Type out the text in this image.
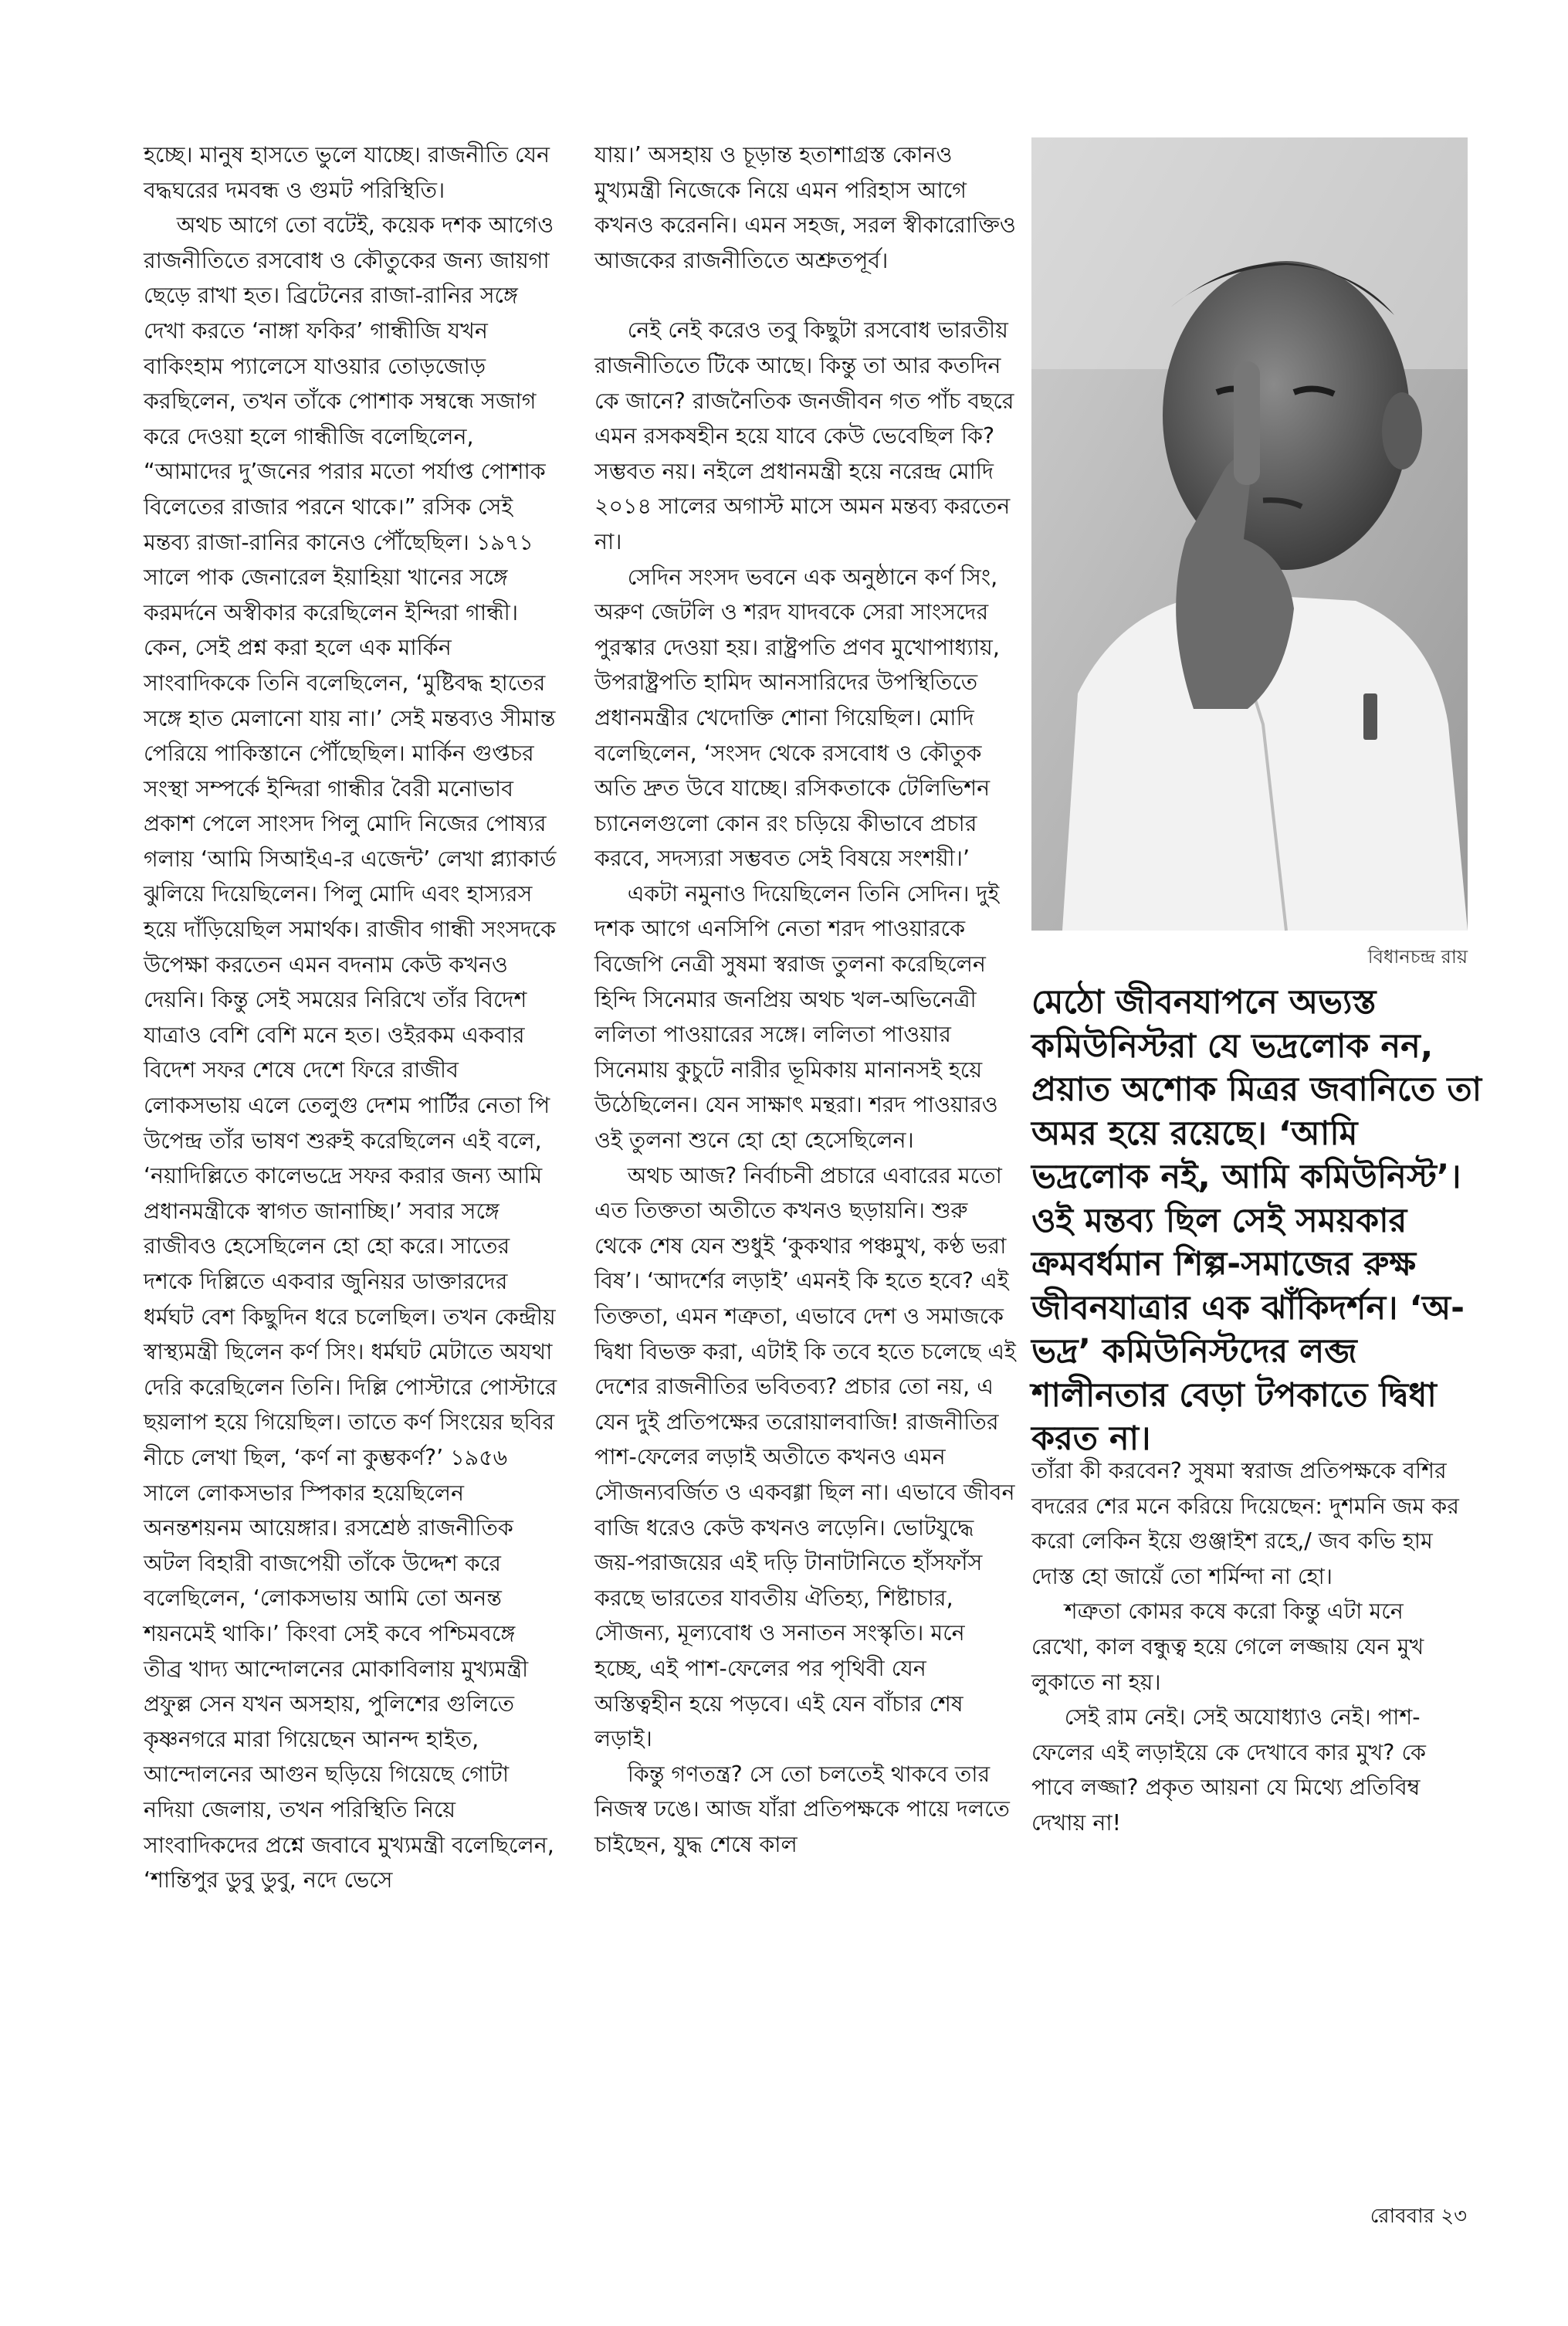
হচ্ছে। মানুষ হাসতে ভুলে যাচ্ছে। রাজনীতি যেন বদ্ধঘরের দমবন্ধ ও গুমট পরিস্থিতি।

অথচ আগে তো বটেই, কয়েক দশক আগেও রাজনীতিতে রসবোধ ও কৌতুকের জন্য জায়গা ছেড়ে রাখা হত। ব্রিটেনের রাজা-রানির সঙ্গে দেখা করতে ‘নাঙ্গা ফকির’ গান্ধীজি যখন বাকিংহাম প্যালেসে যাওয়ার তোড়জোড় করছিলেন, তখন তাঁকে পোশাক সম্বন্ধে সজাগ করে দেওয়া হলে গান্ধীজি বলেছিলেন, “আমাদের দু’জনের পরার মতো পর্যাপ্ত পোশাক বিলেতের রাজার পরনে থাকে।” রসিক সেই মন্তব্য রাজা-রানির কানেও পৌঁছেছিল। ১৯৭১ সালে পাক জেনারেল ইয়াহিয়া খানের সঙ্গে করমর্দনে অস্বীকার করেছিলেন ইন্দিরা গান্ধী। কেন, সেই প্রশ্ন করা হলে এক মার্কিন সাংবাদিককে তিনি বলেছিলেন, ‘মুষ্টিবদ্ধ হাতের সঙ্গে হাত মেলানো যায় না।’ সেই মন্তব্যও সীমান্ত পেরিয়ে পাকিস্তানে পৌঁছেছিল। মার্কিন গুপ্তচর সংস্থা সম্পর্কে ইন্দিরা গান্ধীর বৈরী মনোভাব প্রকাশ পেলে সাংসদ পিলু মোদি নিজের পোষ্যর গলায় ‘আমি সিআইএ-র এজেন্ট’ লেখা প্ল্যাকার্ড ঝুলিয়ে দিয়েছিলেন। পিলু মোদি এবং হাস্যরস হয়ে দাঁড়িয়েছিল সমার্থক। রাজীব গান্ধী সংসদকে উপেক্ষা করতেন এমন বদনাম কেউ কখনও দেয়নি। কিন্তু সেই সময়ের নিরিখে তাঁর বিদেশ যাত্রাও বেশি বেশি মনে হত। ওইরকম একবার বিদেশ সফর শেষে দেশে ফিরে রাজীব লোকসভায় এলে তেলুগু দেশম পার্টির নেতা পি উপেন্দ্র তাঁর ভাষণ শুরুই করেছিলেন এই বলে, ‘নয়াদিল্লিতে কালেভদ্রে সফর করার জন্য আমি প্রধানমন্ত্রীকে স্বাগত জানাচ্ছি।’ সবার সঙ্গে রাজীবও হেসেছিলেন হো হো করে। সাতের দশকে দিল্লিতে একবার জুনিয়র ডাক্তারদের ধর্মঘট বেশ কিছুদিন ধরে চলেছিল। তখন কেন্দ্রীয় স্বাস্থ্যমন্ত্রী ছিলেন কর্ণ সিং। ধর্মঘট মেটাতে অযথা দেরি করেছিলেন তিনি। দিল্লি পোস্টারে পোস্টারে ছয়লাপ হয়ে গিয়েছিল। তাতে কর্ণ সিংয়ের ছবির নীচে লেখা ছিল, ‘কর্ণ না কুম্ভকর্ণ?’ ১৯৫৬ সালে লোকসভার স্পিকার হয়েছিলেন অনন্তশয়নম আয়েঙ্গার। রসশ্রেষ্ঠ রাজনীতিক অটল বিহারী বাজপেয়ী তাঁকে উদ্দেশ করে বলেছিলেন, ‘লোকসভায় আমি তো অনন্ত শয়নমেই থাকি।’ কিংবা সেই কবে পশ্চিমবঙ্গে তীব্র খাদ্য আন্দোলনের মোকাবিলায় মুখ্যমন্ত্রী প্রফুল্ল সেন যখন অসহায়, পুলিশের গুলিতে কৃষ্ণনগরে মারা গিয়েছেন আনন্দ হাইত, আন্দোলনের আগুন ছড়িয়ে গিয়েছে গোটা নদিয়া জেলায়, তখন পরিস্থিতি নিয়ে সাংবাদিকদের প্রশ্নে জবাবে মুখ্যমন্ত্রী বলেছিলেন, ‘শান্তিপুর ডুবু ডুবু, নদে ভেসে

যায়।’ অসহায় ও চূড়ান্ত হতাশাগ্রস্ত কোনও মুখ্যমন্ত্রী নিজেকে নিয়ে এমন পরিহাস আগে কখনও করেননি। এমন সহজ, সরল স্বীকারোক্তিও আজকের রাজনীতিতে অশ্রুতপূর্ব।

নেই নেই করেও তবু কিছুটা রসবোধ ভারতীয় রাজনীতিতে টিকে আছে। কিন্তু তা আর কতদিন কে জানে? রাজনৈতিক জনজীবন গত পাঁচ বছরে এমন রসকষহীন হয়ে যাবে কেউ ভেবেছিল কি? সম্ভবত নয়। নইলে প্রধানমন্ত্রী হয়ে নরেন্দ্র মোদি ২০১৪ সালের অগাস্ট মাসে অমন মন্তব্য করতেন না।

সেদিন সংসদ ভবনে এক অনুষ্ঠানে কর্ণ সিং, অরুণ জেটলি ও শরদ যাদবকে সেরা সাংসদের পুরস্কার দেওয়া হয়। রাষ্ট্রপতি প্রণব মুখোপাধ্যায়, উপরাষ্ট্রপতি হামিদ আনসারিদের উপস্থিতিতে প্রধানমন্ত্রীর খেদোক্তি শোনা গিয়েছিল। মোদি বলেছিলেন, ‘সংসদ থেকে রসবোধ ও কৌতুক অতি দ্রুত উবে যাচ্ছে। রসিকতাকে টেলিভিশন চ্যানেলগুলো কোন রং চড়িয়ে কীভাবে প্রচার করবে, সদস্যরা সম্ভবত সেই বিষয়ে সংশয়ী।’

একটা নমুনাও দিয়েছিলেন তিনি সেদিন। দুই দশক আগে এনসিপি নেতা শরদ পাওয়ারকে বিজেপি নেত্রী সুষমা স্বরাজ তুলনা করেছিলেন হিন্দি সিনেমার জনপ্রিয় অথচ খল-অভিনেত্রী ললিতা পাওয়ারের সঙ্গে। ললিতা পাওয়ার সিনেমায় কুচুটে নারীর ভূমিকায় মানানসই হয়ে উঠেছিলেন। যেন সাক্ষাৎ মন্থরা। শরদ পাওয়ারও ওই তুলনা শুনে হো হো হেসেছিলেন।

অথচ আজ? নির্বাচনী প্রচারে এবারের মতো এত তিক্ততা অতীতে কখনও ছড়ায়নি। শুরু থেকে শেষ যেন শুধুই ‘কুকথার পঞ্চমুখ, কণ্ঠ ভরা বিষ’। ‘আদর্শের লড়াই’ এমনই কি হতে হবে? এই তিক্ততা, এমন শত্রুতা, এভাবে দেশ ও সমাজকে দ্বিধা বিভক্ত করা, এটাই কি তবে হতে চলেছে এই দেশের রাজনীতির ভবিতব্য? প্রচার তো নয়, এ যেন দুই প্রতিপক্ষের তরোয়ালবাজি! রাজনীতির পাশ-ফেলের লড়াই অতীতে কখনও এমন সৌজন্যবর্জিত ও একবগ্গা ছিল না। এভাবে জীবন বাজি ধরেও কেউ কখনও লড়েনি। ভোটযুদ্ধে জয়-পরাজয়ের এই দড়ি টানাটানিতে হাঁসফাঁস করছে ভারতের যাবতীয় ঐতিহ্য, শিষ্টাচার, সৌজন্য, মূল্যবোধ ও সনাতন সংস্কৃতি। মনে হচ্ছে, এই পাশ-ফেলের পর পৃথিবী যেন অস্তিত্বহীন হয়ে পড়বে। এই যেন বাঁচার শেষ লড়াই।

কিন্তু গণতন্ত্র? সে তো চলতেই থাকবে তার নিজস্ব ঢঙে। আজ যাঁরা প্রতিপক্ষকে পায়ে দলতে চাইছেন, যুদ্ধ শেষে কাল

বিধানচন্দ্র রায়
মেঠো জীবনযাপনে অভ্যস্ত কমিউনিস্টরা যে ভদ্রলোক নন, প্রয়াত অশোক মিত্রর জবানিতে তা অমর হয়ে রয়েছে। ‘আমি ভদ্রলোক নই, আমি কমিউনিস্ট’। ওই মন্তব্য ছিল সেই সময়কার ক্রমবর্ধমান শিল্প-সমাজের রুক্ষ জীবনযাত্রার এক ঝাঁকিদর্শন। ‘অ-ভদ্র’ কমিউনিস্টদের লব্জ শালীনতার বেড়া টপকাতে দ্বিধা করত না।

তাঁরা কী করবেন? সুষমা স্বরাজ প্রতিপক্ষকে বশির বদরের শের মনে করিয়ে দিয়েছেন: দুশমনি জম কর করো লেকিন ইয়ে গুঞ্জাইশ রহে,/ জব কভি হাম দোস্ত হো জায়েঁ তো শর্মিন্দা না হো।

শত্রুতা কোমর কষে করো কিন্তু এটা মনে রেখো, কাল বন্ধুত্ব হয়ে গেলে লজ্জায় যেন মুখ লুকাতে না হয়।

সেই রাম নেই। সেই অযোধ্যাও নেই। পাশ-ফেলের এই লড়াইয়ে কে দেখাবে কার মুখ? কে পাবে লজ্জা? প্রকৃত আয়না যে মিথ্যে প্রতিবিম্ব দেখায় না!

রোববার ২৩
